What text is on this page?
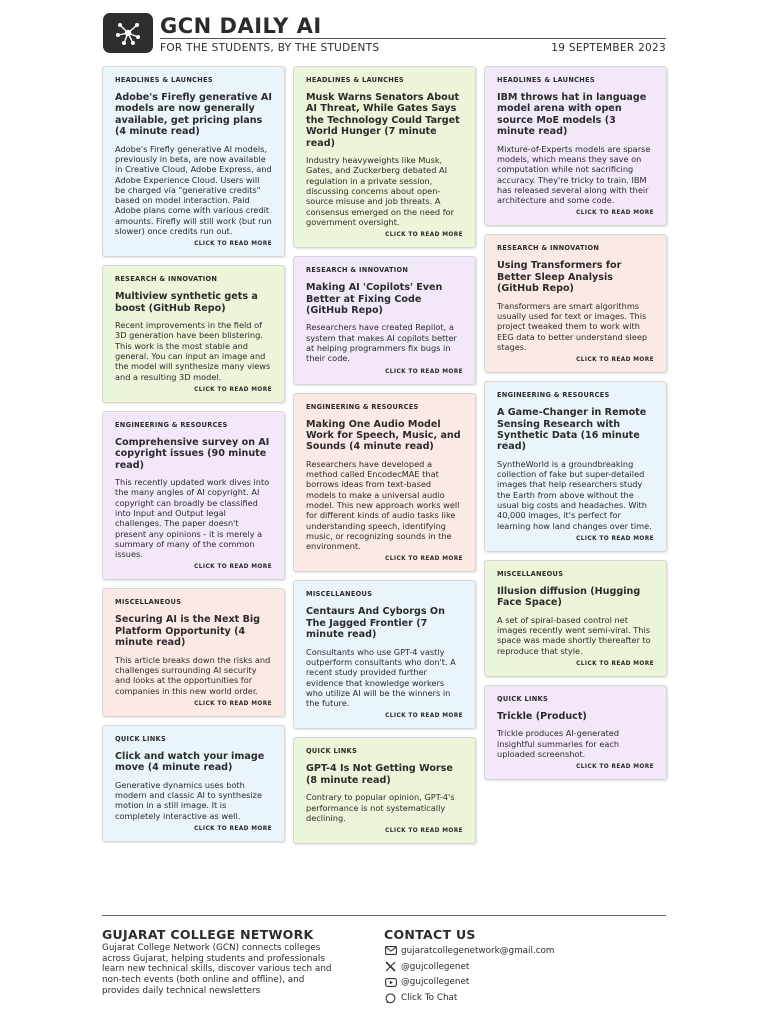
GCN DAILY AI
FOR THE STUDENTS, BY THE STUDENTS	19 SEPTEMBER 2023
HEADLINES & LAUNCHES
Adobe's Firefly generative AI models are now generally available, get pricing plans (4 minute read)
Adobe's Firefly generative AI models, previously in beta, are now available in Creative Cloud, Adobe Express, and Adobe Experience Cloud. Users will be charged via "generative credits" based on model interaction. Paid Adobe plans come with various credit amounts. Firefly will still work (but run slower) once credits run out.
CLICK TO READ MORE
RESEARCH & INNOVATION
Multiview synthetic gets a boost (GitHub Repo)
Recent improvements in the field of 3D generation have been blistering. This work is the most stable and general. You can input an image and the model will synthesize many views and a resulting 3D model.
CLICK TO READ MORE
ENGINEERING & RESOURCES
Comprehensive survey on AI copyright issues (90 minute read)
This recently updated work dives into the many angles of AI copyright. AI copyright can broadly be classified into Input and Output legal challenges. The paper doesn't present any opinions - it is merely a summary of many of the common issues.
CLICK TO READ MORE
MISCELLANEOUS
Securing AI is the Next Big Platform Opportunity (4 minute read)
This article breaks down the risks and challenges surrounding AI security and looks at the opportunities for companies in this new world order.
CLICK TO READ MORE
QUICK LINKS
Click and watch your image move (4 minute read)
Generative dynamics uses both modern and classic AI to synthesize motion in a still image. It is completely interactive as well.
CLICK TO READ MORE
HEADLINES & LAUNCHES
Musk Warns Senators About AI Threat, While Gates Says the Technology Could Target World Hunger (7 minute read)
Industry heavyweights like Musk, Gates, and Zuckerberg debated AI regulation in a private session, discussing concerns about open-source misuse and job threats. A consensus emerged on the need for government oversight.
CLICK TO READ MORE
RESEARCH & INNOVATION
Making AI 'Copilots' Even Better at Fixing Code (GitHub Repo)
Researchers have created Repilot, a system that makes AI copilots better at helping programmers fix bugs in their code.
CLICK TO READ MORE
ENGINEERING & RESOURCES
Making One Audio Model Work for Speech, Music, and Sounds (4 minute read)
Researchers have developed a method called EncodecMAE that borrows ideas from text-based models to make a universal audio model. This new approach works well for different kinds of audio tasks like understanding speech, identifying music, or recognizing sounds in the environment.
CLICK TO READ MORE
MISCELLANEOUS
Centaurs And Cyborgs On The Jagged Frontier (7 minute read)
Consultants who use GPT-4 vastly outperform consultants who don't. A recent study provided further evidence that knowledge workers who utilize AI will be the winners in the future.
CLICK TO READ MORE
QUICK LINKS
GPT-4 Is Not Getting Worse (8 minute read)
Contrary to popular opinion, GPT-4's performance is not systematically declining.
CLICK TO READ MORE
HEADLINES & LAUNCHES
IBM throws hat in language model arena with open source MoE models (3 minute read)
Mixture-of-Experts models are sparse models, which means they save on computation while not sacrificing accuracy. They're tricky to train. IBM has released several along with their architecture and some code.
CLICK TO READ MORE
RESEARCH & INNOVATION
Using Transformers for Better Sleep Analysis (GitHub Repo)
Transformers are smart algorithms usually used for text or images. This project tweaked them to work with EEG data to better understand sleep stages.
CLICK TO READ MORE
ENGINEERING & RESOURCES
A Game-Changer in Remote Sensing Research with Synthetic Data (16 minute read)
SyntheWorld is a groundbreaking collection of fake but super-detailed images that help researchers study the Earth from above without the usual big costs and headaches. With 40,000 images, it's perfect for learning how land changes over time.
CLICK TO READ MORE
MISCELLANEOUS
Illusion diffusion (Hugging Face Space)
A set of spiral-based control net images recently went semi-viral. This space was made shortly thereafter to reproduce that style.
CLICK TO READ MORE
QUICK LINKS
Trickle (Product)
Trickle produces AI-generated insightful summaries for each uploaded screenshot.
CLICK TO READ MORE
GUJARAT COLLEGE NETWORK
Gujarat College Network (GCN) connects colleges across Gujarat, helping students and professionals learn new technical skills, discover various tech and non-tech events (both online and offline), and provides daily technical newsletters
CONTACT US
gujaratcollegenetwork@gmail.com
@gujcollegenet
@gujcollegenet
Click To Chat
